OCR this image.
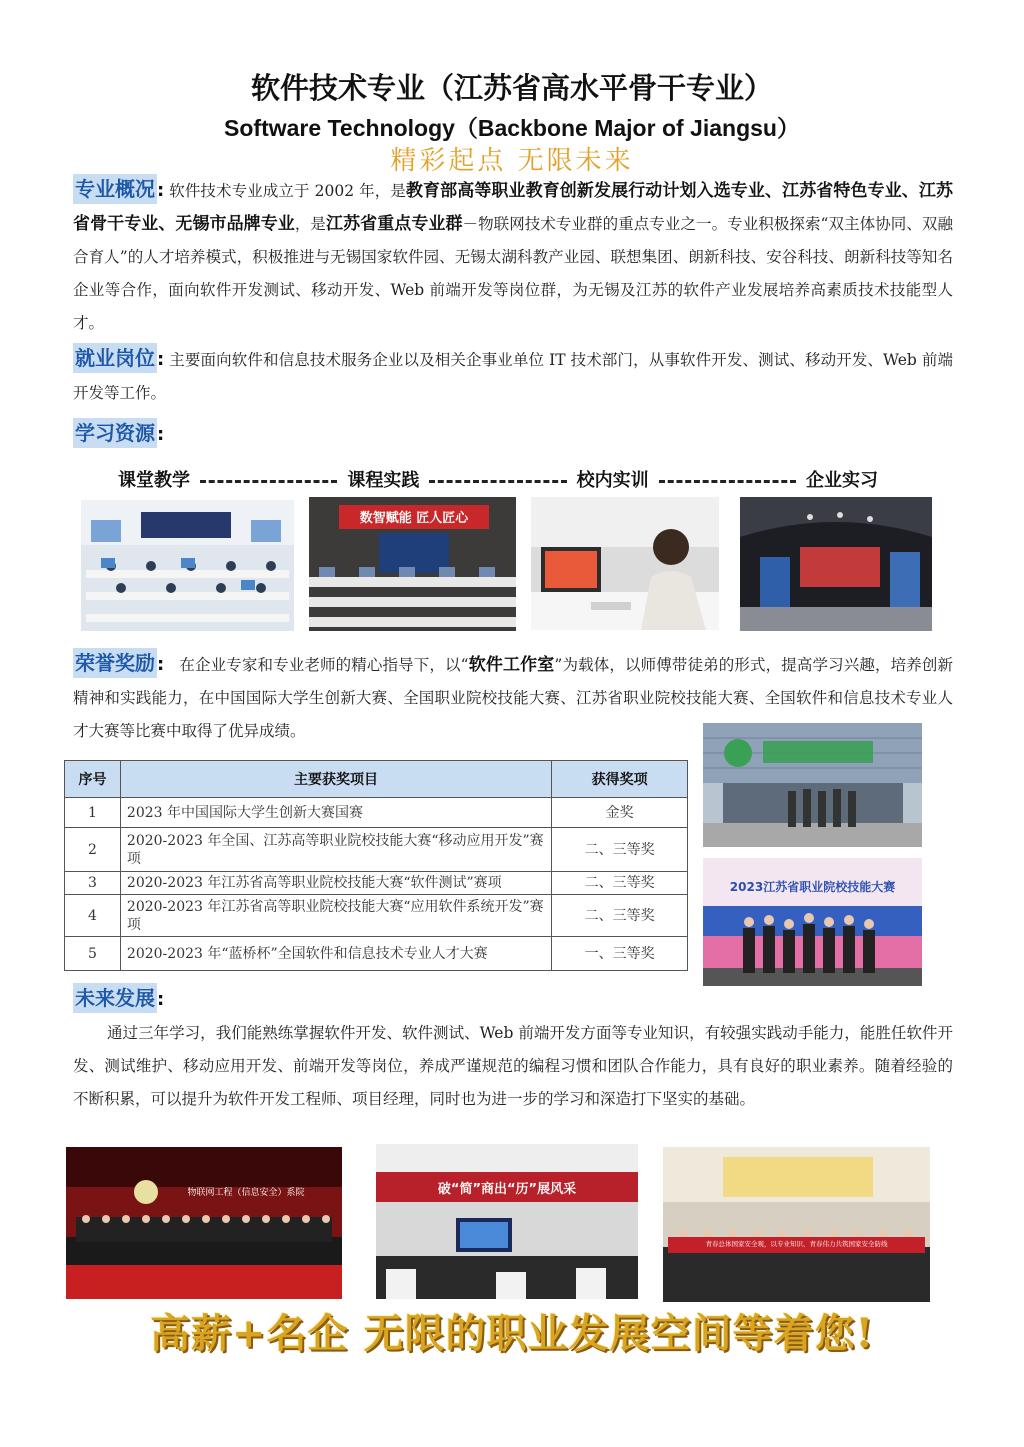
软件技术专业（江苏省高水平骨干专业）
Software Technology（Backbone Major of Jiangsu）
精彩起点 无限未来
专业概况 : 软件技术专业成立于 2002 年，是教育部高等职业教育创新发展行动计划入选专业、江苏省特色专业、江苏省骨干专业、无锡市品牌专业，是江苏省重点专业群－物联网技术专业群的重点专业之一。专业积极探索“双主体协同、双融合育人”的人才培养模式，积极推进与无锡国家软件园、无锡太湖科教产业园、联想集团、朗新科技、安谷科技、朗新科技等知名企业等合作，面向软件开发测试、移动开发、Web 前端开发等岗位群，为无锡及江苏的软件产业发展培养高素质技术技能型人才。
就业岗位 : 主要面向软件和信息技术服务企业以及相关企事业单位 IT 技术部门，从事软件开发、测试、移动开发、Web 前端开发等工作。
学习资源 :
课堂教学	课程实践	校内实训	企业实习
数智赋能 匠人匠心
荣誉奖励 : 在企业专家和专业老师的精心指导下，以“软件工作室”为载体，以师傅带徒弟的形式，提高学习兴趣，培养创新精神和实践能力，在中国国际大学生创新大赛、全国职业院校技能大赛、江苏省职业院校技能大赛、全国软件和信息技术专业人才大赛等比赛中取得了优异成绩。
序号	主要获奖项目	获得奖项
1	2023 年中国国际大学生创新大赛国赛	金奖
2	2020-2023 年全国、江苏高等职业院校技能大赛“移动应用开发”赛项	二、三等奖
3	2020-2023 年江苏省高等职业院校技能大赛“软件测试”赛项	二、三等奖
4	2020-2023 年江苏省高等职业院校技能大赛“应用软件系统开发”赛项	二、三等奖
5	2020-2023 年“蓝桥杯”全国软件和信息技术专业人才大赛	一、三等奖
2023江苏省职业院校技能大赛
未来发展 :
通过三年学习，我们能熟练掌握软件开发、软件测试、Web 前端开发方面等专业知识，有较强实践动手能力，能胜任软件开发、测试维护、移动应用开发、前端开发等岗位，养成严谨规范的编程习惯和团队合作能力，具有良好的职业素养。随着经验的不断积累，可以提升为软件开发工程师、项目经理，同时也为进一步的学习和深造打下坚实的基础。
物联网工程（信息安全）系院	破“简”商出“历”展风采
青春总体国家安全观，以专业知识、青春伟力共筑国家安全防线
高薪+名企 无限的职业发展空间等着您!
